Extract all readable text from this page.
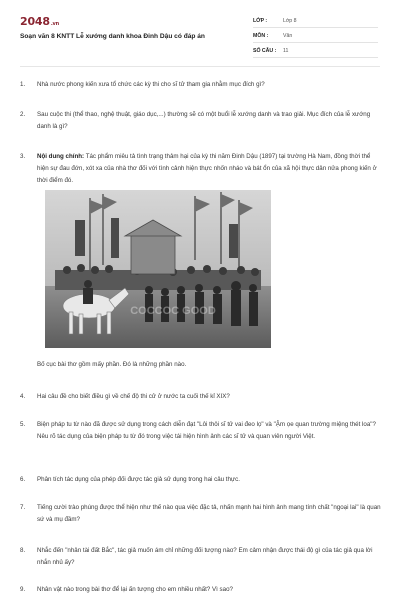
2048.vn
Soạn văn 8 KNTT Lễ xướng danh khoa Đinh Dậu có đáp án
LỚP :	Lớp 8
MÔN :	Văn
SỐ CÂU : 11
1. Nhà nước phong kiến xưa tổ chức các kỳ thi cho sĩ tử tham gia nhằm mục đích gì?
2. Sau cuộc thi (thể thao, nghệ thuật, giáo dục,...) thường sẽ có một buổi lễ xướng danh và trao giải. Mục đích của lễ xướng danh là gì?
3. Nội dung chính: Tác phẩm miêu tả tình trạng thảm hại của kỳ thi năm Đinh Dậu (1897) tại trường Hà Nam, đồng thời thể hiện sự đau đớn, xót xa của nhà thơ đối với tình cảnh hiện thực nhốn nháo và bát ổn của xã hội thực dân nửa phong kiến ở thời điểm đó.
COCCOC GOOD
Bố cục bài thơ gồm mấy phần. Đó là những phần nào.
4. Hai câu đề cho biết điều gì về chế độ thi cử ở nước ta cuối thế kỉ XIX?
5. Biện pháp tu từ nào đã được sử dụng trong cách diễn đạt "Lôi thôi sĩ tử vai đeo lọ" và "Ậm ọe quan trường miệng thét loa"? Nêu rõ tác dụng của biện pháp tu từ đó trong việc tái hiện hình ảnh các sĩ tử và quan viên người Việt.
6. Phân tích tác dụng của phép đối được tác giả sử dụng trong hai câu thực.
7. Tiếng cười trào phúng được thể hiện như thế nào qua việc đặc tả, nhấn mạnh hai hình ảnh mang tính chất "ngoại lai" là quan sứ và mụ đầm?
8. Nhắc đến "nhân tài đất Bắc", tác giả muốn ám chỉ những đối tượng nào? Em cảm nhận được thái độ gì của tác giả qua lời nhắn nhủ ấy?
9. Nhân vật nào trong bài thơ để lại ấn tượng cho em nhiều nhất? Vì sao?
